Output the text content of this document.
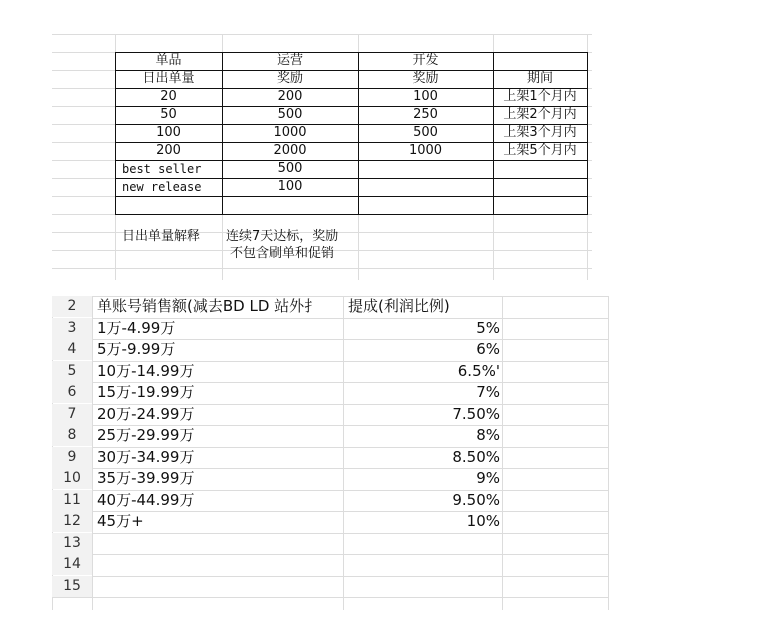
单品	运营	开发
日出单量	奖励	奖励	期间
20	200	100	上架1个月内
50	500	250	上架2个月内
100	1000	500	上架3个月内
200	2000	1000	上架5个月内
best seller	500
new release	100
日出单量解释 连续7天达标，奖励
不包含刷单和促销
2	单账号销售额(减去BD LD 站外扌	提成(利润比例)
3	1万-4.99万	5%
4	5万-9.99万	6%
5	10万-14.99万	6.5%'
6	15万-19.99万	7%
7	20万-24.99万	7.50%
8	25万-29.99万	8%
9	30万-34.99万	8.50%
10	35万-39.99万	9%
11	40万-44.99万	9.50%
12	45万+	10%
13
14
15
